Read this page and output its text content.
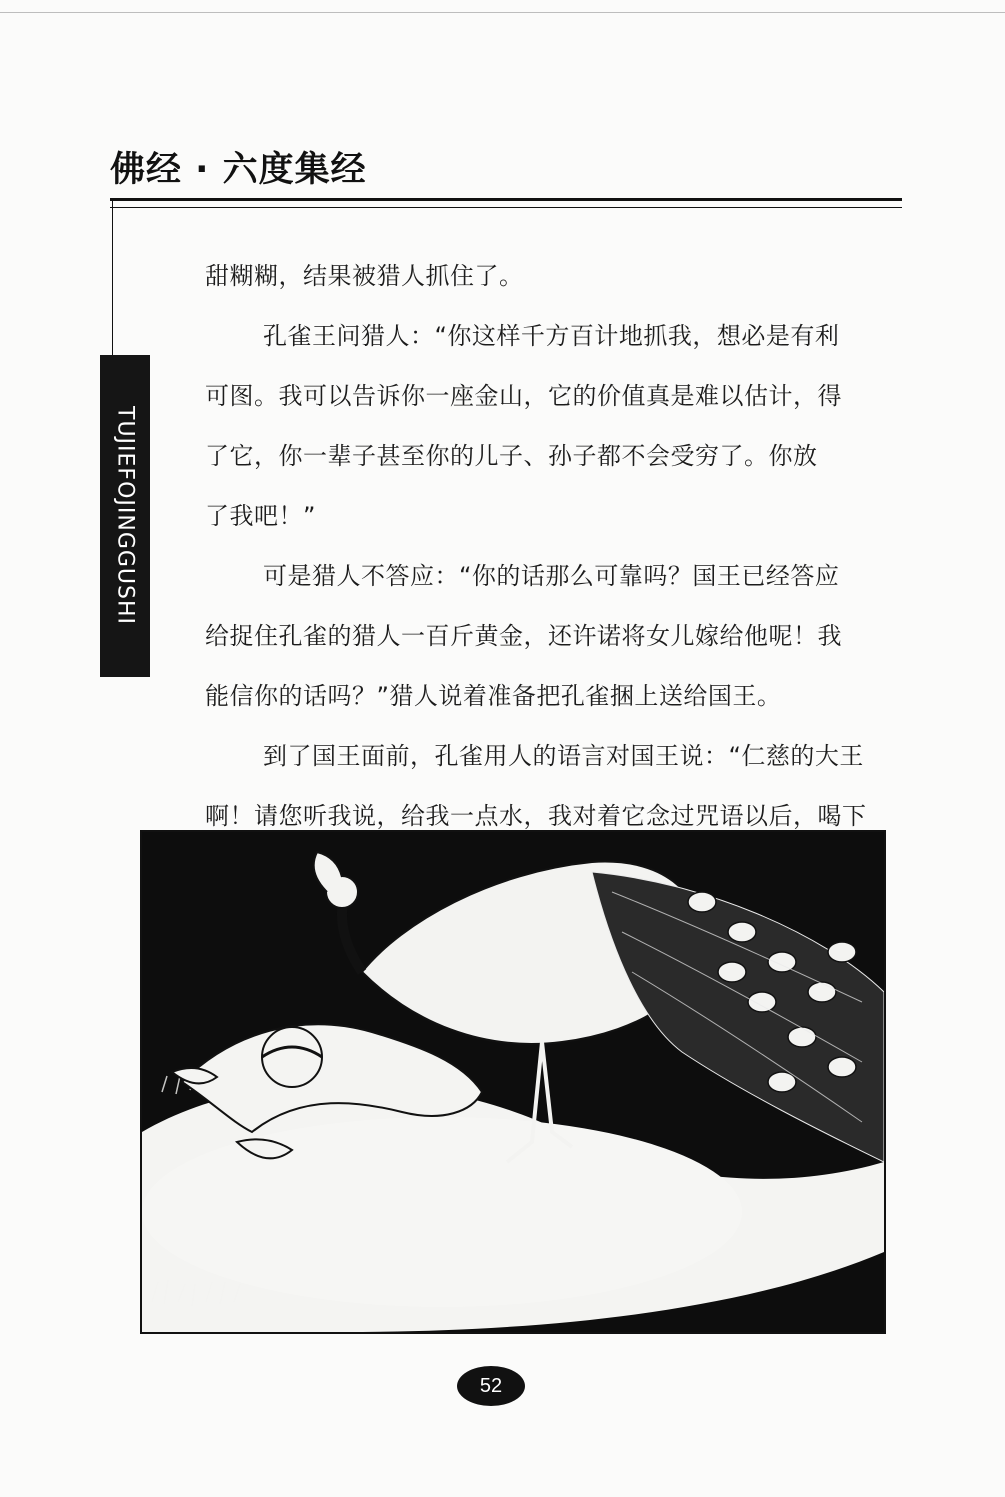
佛经 · 六度集经
TUJIEFOJINGGUSHI
甜糊糊，结果被猎人抓住了。
孔雀王问猎人：“你这样千方百计地抓我，想必是有利
可图。我可以告诉你一座金山，它的价值真是难以估计，得
了它，你一辈子甚至你的儿子、孙子都不会受穷了。你放
了我吧！”
可是猎人不答应：“你的话那么可靠吗？国王已经答应
给捉住孔雀的猎人一百斤黄金，还许诺将女儿嫁给他呢！我
能信你的话吗？”猎人说着准备把孔雀捆上送给国王。
到了国王面前，孔雀用人的语言对国王说：“仁慈的大王
啊！请您听我说，给我一点水，我对着它念过咒语以后，喝下
52
